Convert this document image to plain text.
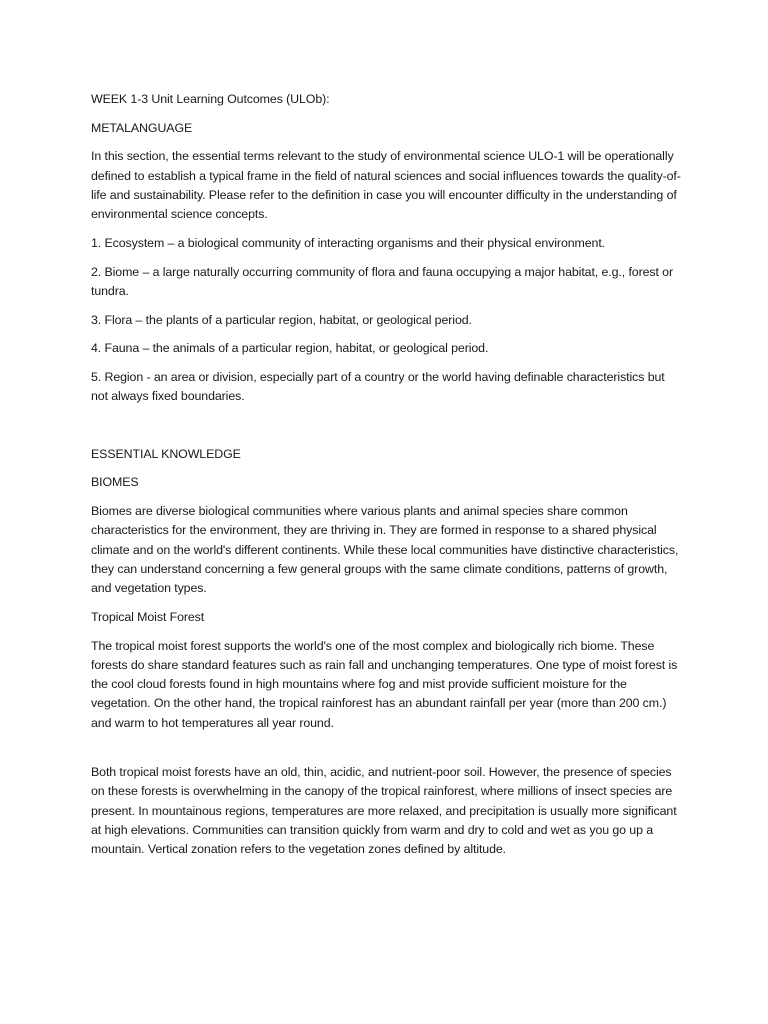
WEEK 1-3 Unit Learning Outcomes (ULOb):

METALANGUAGE

In this section, the essential terms relevant to the study of environmental science ULO-1 will be operationally defined to establish a typical frame in the field of natural sciences and social influences towards the quality-of-life and sustainability. Please refer to the definition in case you will encounter difficulty in the understanding of environmental science concepts.

1. Ecosystem – a biological community of interacting organisms and their physical environment.

2. Biome – a large naturally occurring community of flora and fauna occupying a major habitat, e.g., forest or tundra.

3. Flora – the plants of a particular region, habitat, or geological period.

4. Fauna – the animals of a particular region, habitat, or geological period.

5. Region - an area or division, especially part of a country or the world having definable characteristics but not always fixed boundaries.

ESSENTIAL KNOWLEDGE

BIOMES

Biomes are diverse biological communities where various plants and animal species share common characteristics for the environment, they are thriving in. They are formed in response to a shared physical climate and on the world's different continents. While these local communities have distinctive characteristics, they can understand concerning a few general groups with the same climate conditions, patterns of growth, and vegetation types.

Tropical Moist Forest

The tropical moist forest supports the world's one of the most complex and biologically rich biome. These forests do share standard features such as rain fall and unchanging temperatures. One type of moist forest is the cool cloud forests found in high mountains where fog and mist provide sufficient moisture for the vegetation. On the other hand, the tropical rainforest has an abundant rainfall per year (more than 200 cm.) and warm to hot temperatures all year round.

Both tropical moist forests have an old, thin, acidic, and nutrient-poor soil. However, the presence of species on these forests is overwhelming in the canopy of the tropical rainforest, where millions of insect species are present. In mountainous regions, temperatures are more relaxed, and precipitation is usually more significant at high elevations. Communities can transition quickly from warm and dry to cold and wet as you go up a mountain. Vertical zonation refers to the vegetation zones defined by altitude.
